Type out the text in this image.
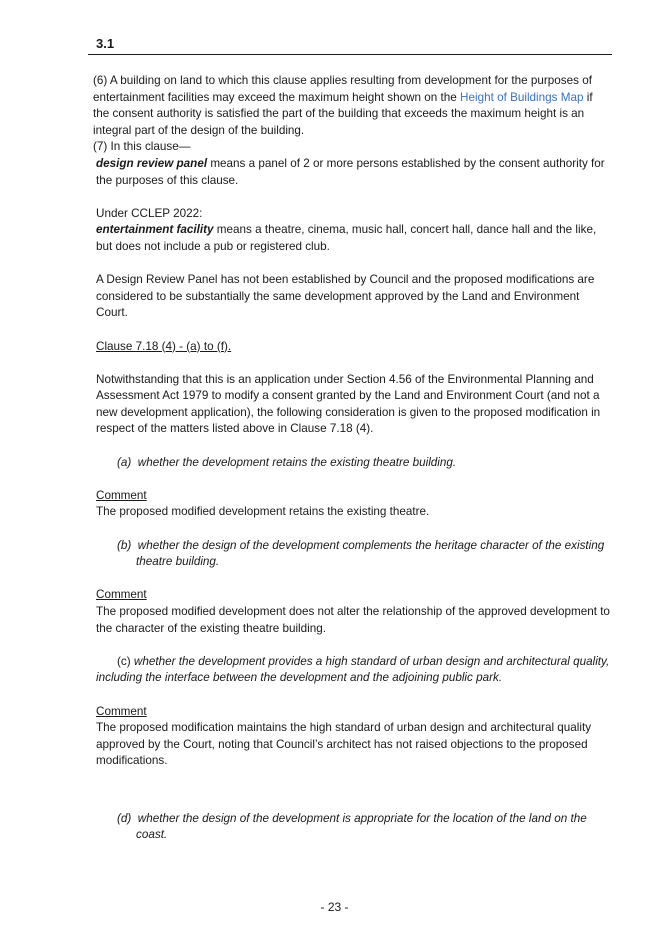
3.1

(6) A building on land to which this clause applies resulting from development for the purposes of entertainment facilities may exceed the maximum height shown on the Height of Buildings Map if the consent authority is satisfied the part of the building that exceeds the maximum height is an integral part of the design of the building.

(7) In this clause—

design review panel means a panel of 2 or more persons established by the consent authority for the purposes of this clause.

Under CCLEP 2022:

entertainment facility means a theatre, cinema, music hall, concert hall, dance hall and the like, but does not include a pub or registered club.

A Design Review Panel has not been established by Council and the proposed modifications are considered to be substantially the same development approved by the Land and Environment Court.

Clause 7.18 (4) - (a) to (f).

Notwithstanding that this is an application under Section 4.56 of the Environmental Planning and Assessment Act 1979 to modify a consent granted by the Land and Environment Court (and not a new development application), the following consideration is given to the proposed modification in respect of the matters listed above in Clause 7.18 (4).

(a) whether the development retains the existing theatre building.

Comment

The proposed modified development retains the existing theatre.

(b) whether the design of the development complements the heritage character of the existing theatre building.

Comment

The proposed modified development does not alter the relationship of the approved development to the character of the existing theatre building.

(c) whether the development provides a high standard of urban design and architectural quality, including the interface between the development and the adjoining public park.

Comment

The proposed modification maintains the high standard of urban design and architectural quality approved by the Court, noting that Council’s architect has not raised objections to the proposed modifications.

(d) whether the design of the development is appropriate for the location of the land on the coast.

- 23 -
